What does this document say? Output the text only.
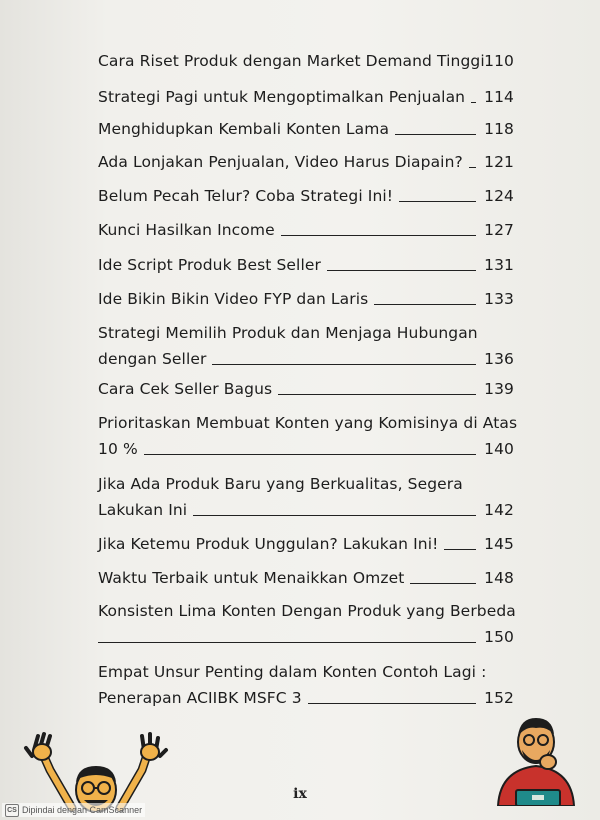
Cara Riset Produk dengan Market Demand Tinggi 110
Strategi Pagi untuk Mengoptimalkan Penjualan 114
Menghidupkan Kembali Konten Lama	118
Ada Lonjakan Penjualan, Video Harus Diapain? 121
Belum Pecah Telur? Coba Strategi Ini!	124
Kunci Hasilkan Income	127
Ide Script Produk Best Seller	131
Ide Bikin Bikin Video FYP dan Laris	133
Strategi Memilih Produk dan Menjaga Hubungan
dengan Seller	136
Cara Cek Seller Bagus	139
Prioritaskan Membuat Konten yang Komisinya di Atas
10 %	140
Jika Ada Produk Baru yang Berkualitas, Segera
Lakukan Ini	142
Jika Ketemu Produk Unggulan? Lakukan Ini!	145
Waktu Terbaik untuk Menaikkan Omzet	148
Konsisten Lima Konten Dengan Produk yang Berbeda
150
Empat Unsur Penting dalam Konten Contoh Lagi :
Penerapan ACIIBK MSFC 3	152
ix
CS Dipindai dengan CamScanner
